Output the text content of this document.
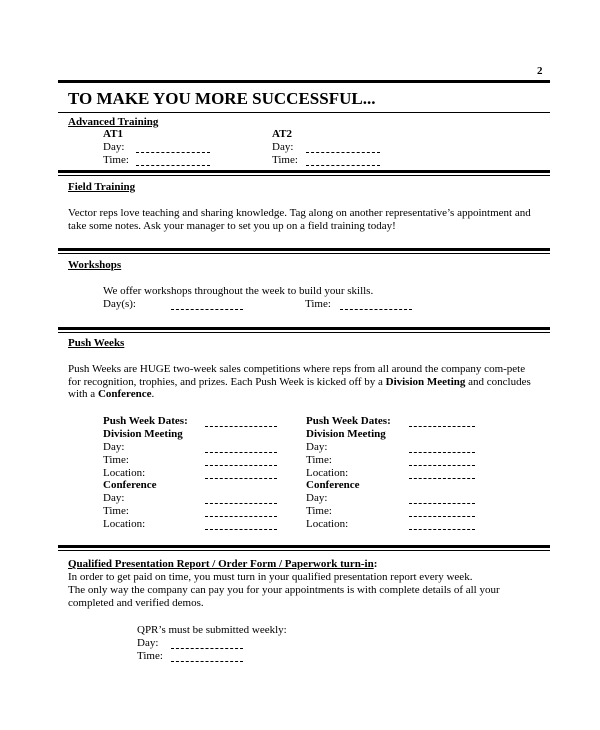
2
TO MAKE YOU MORE SUCCESSFUL...
Advanced Training
AT1
Day:
Time:
AT2
Day:
Time:
Field Training
Vector reps love teaching and sharing knowledge. Tag along on another representative’s appointment and take some notes. Ask your manager to set you up on a field training today!
Workshops
We offer workshops throughout the week to build your skills.
Day(s):	Time:
Push Weeks
Push Weeks are HUGE two-week sales competitions where reps from all around the company com-pete for recognition, trophies, and prizes. Each Push Week is kicked off by a Division Meeting and concludes with a Conference.
Push Week Dates:
Division Meeting
Day:
Time:
Location:
Conference
Day:
Time:
Location:
Push Week Dates:
Division Meeting
Day:
Time:
Location:
Conference
Day:
Time:
Location:
Qualified Presentation Report / Order Form / Paperwork turn-in:
In order to get paid on time, you must turn in your qualified presentation report every week.
The only way the company can pay you for your appointments is with complete details of all your
completed and verified demos.
QPR’s must be submitted weekly:
Day:
Time:
